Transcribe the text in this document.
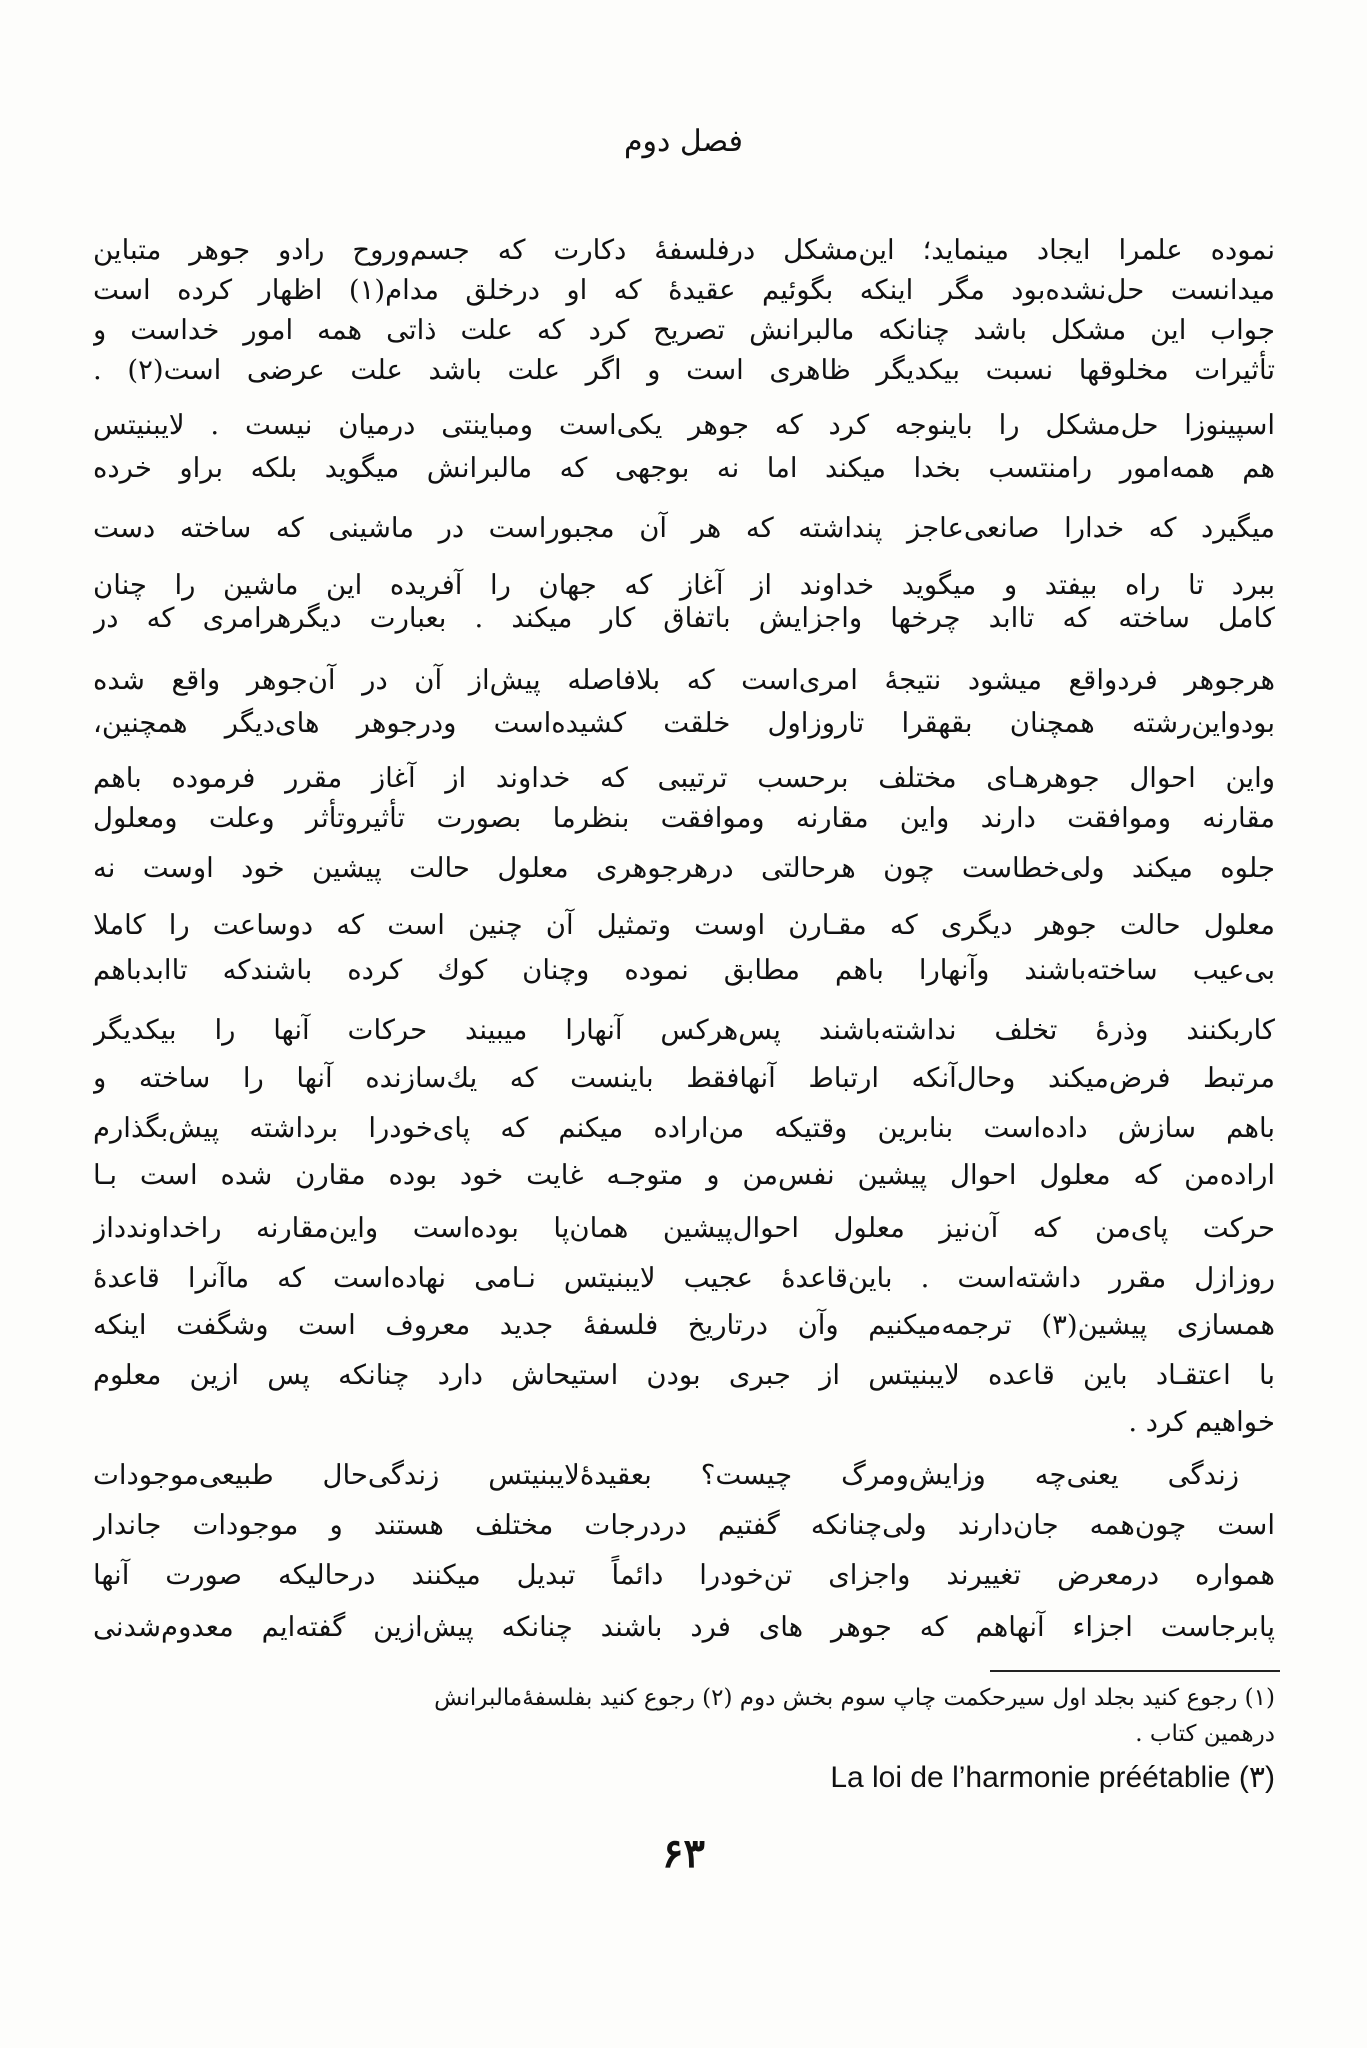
فصل دوم
نموده علمرا ایجاد مینماید؛ این‌مشکل درفلسفهٔ دکارت که جسم‌وروح رادو جوهر متباین
میدانست حل‌نشده‌بود مگر اینکه بگوئیم عقیدهٔ که او درخلق مدام(۱) اظهار کرده است
جواب این مشکل باشد چنانکه مالبرانش تصریح کرد که علت ذاتی همه امور خداست و
تأثیرات مخلوقها نسبت بیکدیگر ظاهری است و اگر علت باشد علت عرضی است(۲) .
اسپینوزا حل‌مشکل را باینوجه کرد که جوهر یکی‌است ومباینتی درمیان نیست . لایبنیتس
هم همه‌امور رامنتسب بخدا میکند اما نه بوجهی که مالبرانش میگوید بلکه براو خرده
میگیرد که خدارا صانعی‌عاجز پنداشته که هر آن مجبوراست در ماشینی که ساخته دست
ببرد تا راه بیفتد و میگوید خداوند از آغاز که جهان را آفریده این ماشین را چنان
کامل ساخته که تاابد چرخها واجزایش باتفاق کار میکند . بعبارت دیگرهرامری که در
هرجوهر فردواقع میشود نتیجهٔ امری‌است که بلافاصله پیش‌از آن در آن‌جوهر واقع شده
بودواین‌رشته همچنان بقهقرا تاروزاول خلقت کشیده‌است ودرجوهر های‌دیگر همچنین،
واین احوال جوهرهـای مختلف برحسب ترتیبی که خداوند از آغاز مقرر فرموده باهم
مقارنه وموافقت دارند واین مقارنه وموافقت بنظرما بصورت تأثیروتأثر وعلت ومعلول
جلوه میکند ولی‌خطاست چون هرحالتی درهرجوهری معلول حالت پیشین خود اوست نه
معلول حالت جوهر دیگری که مقـارن اوست وتمثیل آن چنین است که دوساعت را کاملا
بی‌عیب ساخته‌باشند وآنهارا باهم مطابق نموده وچنان کوك کرده باشندکه تاابدباهم
کاربکنند وذرهٔ تخلف نداشته‌باشند پس‌هرکس آنهارا میبیند حرکات آنها را بیکدیگر
مرتبط فرض‌میکند وحال‌آنکه ارتباط آنهافقط باینست که یك‌سازنده آنها را ساخته و
باهم سازش داده‌است بنابرین وقتیکه من‌اراده میکنم که پای‌خودرا برداشته پیش‌بگذارم
اراده‌من که معلول احوال پیشین نفس‌من و متوجـه غایت خود بوده مقارن شده است بـا
حرکت پای‌من که آن‌نیز معلول احوال‌پیشین همان‌پا بوده‌است واین‌مقارنه راخداوندداز
روزازل مقرر داشته‌است . باین‌قاعدهٔ عجیب لایبنیتس نـامی نهاده‌است که ماآنرا قاعدهٔ
همسازی پیشین(۳) ترجمه‌میکنیم وآن درتاریخ فلسفهٔ جدید معروف است وشگفت اینکه
با اعتقـاد باین قاعده لایبنیتس از جبری بودن استیحاش دارد چنانکه پس ازین معلوم
خواهیم کرد .
زندگی یعنی‌چه وزایش‌ومرگ چیست؟ بعقیدهٔ‌لایبنیتس زندگی‌حال طبیعی‌موجودات
است چون‌همه جان‌دارند ولی‌چنانکه گفتیم دردرجات مختلف هستند و موجودات جاندار
همواره درمعرض تغییرند واجزای تن‌خودرا دائماً تبدیل میکنند درحالیکه صورت آنها
پابرجاست اجزاء آنهاهم که جوهر های فرد باشند چنانکه پیش‌ازین گفته‌ایم معدوم‌شدنی
(۱) رجوع کنید بجلد اول سیرحکمت چاپ سوم بخش دوم (۲) رجوع کنید بفلسفهٔ‌مالبرانش
درهمین کتاب .
La loi de l’harmonie préétablie (۳)
۶۳
